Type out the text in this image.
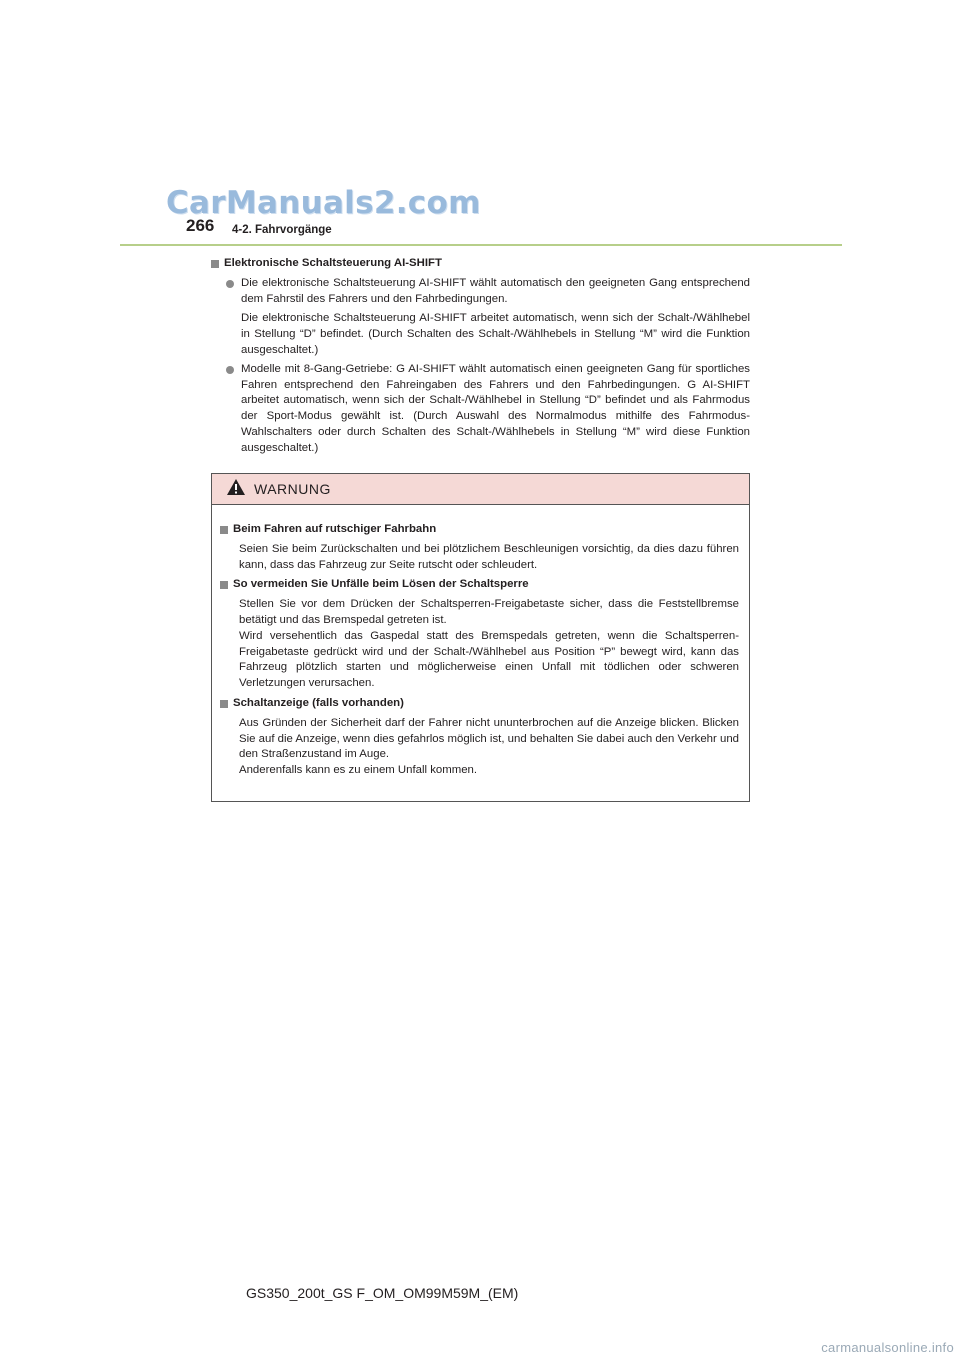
CarManuals2.com
266 4-2. Fahrvorgänge
Elektronische Schaltsteuerung AI-SHIFT
Die elektronische Schaltsteuerung AI-SHIFT wählt automatisch den geeigneten Gang entsprechend dem Fahrstil des Fahrers und den Fahrbedingungen.
Die elektronische Schaltsteuerung AI-SHIFT arbeitet automatisch, wenn sich der Schalt-/Wählhebel in Stellung “D” befindet. (Durch Schalten des Schalt-/Wählhebels in Stellung “M” wird die Funktion ausgeschaltet.)
Modelle mit 8-Gang-Getriebe: G AI-SHIFT wählt automatisch einen geeigneten Gang für sportliches Fahren entsprechend den Fahreingaben des Fahrers und den Fahrbedingungen. G AI-SHIFT arbeitet automatisch, wenn sich der Schalt-/Wählhebel in Stellung “D” befindet und als Fahrmodus der Sport-Modus gewählt ist. (Durch Auswahl des Normalmodus mithilfe des Fahrmodus-Wahlschalters oder durch Schalten des Schalt-/Wählhebels in Stellung “M” wird diese Funktion ausgeschaltet.)
WARNUNG
Beim Fahren auf rutschiger Fahrbahn
Seien Sie beim Zurückschalten und bei plötzlichem Beschleunigen vorsichtig, da dies dazu führen kann, dass das Fahrzeug zur Seite rutscht oder schleudert.
So vermeiden Sie Unfälle beim Lösen der Schaltsperre
Stellen Sie vor dem Drücken der Schaltsperren-Freigabetaste sicher, dass die Feststellbremse betätigt und das Bremspedal getreten ist.
Wird versehentlich das Gaspedal statt des Bremspedals getreten, wenn die Schaltsperren-Freigabetaste gedrückt wird und der Schalt-/Wählhebel aus Position “P” bewegt wird, kann das Fahrzeug plötzlich starten und möglicherweise einen Unfall mit tödlichen oder schweren Verletzungen verursachen.
Schaltanzeige (falls vorhanden)
Aus Gründen der Sicherheit darf der Fahrer nicht ununterbrochen auf die Anzeige blicken. Blicken Sie auf die Anzeige, wenn dies gefahrlos möglich ist, und behalten Sie dabei auch den Verkehr und den Straßenzustand im Auge.
Anderenfalls kann es zu einem Unfall kommen.
GS350_200t_GS F_OM_OM99M59M_(EM)
carmanualsonline.info
